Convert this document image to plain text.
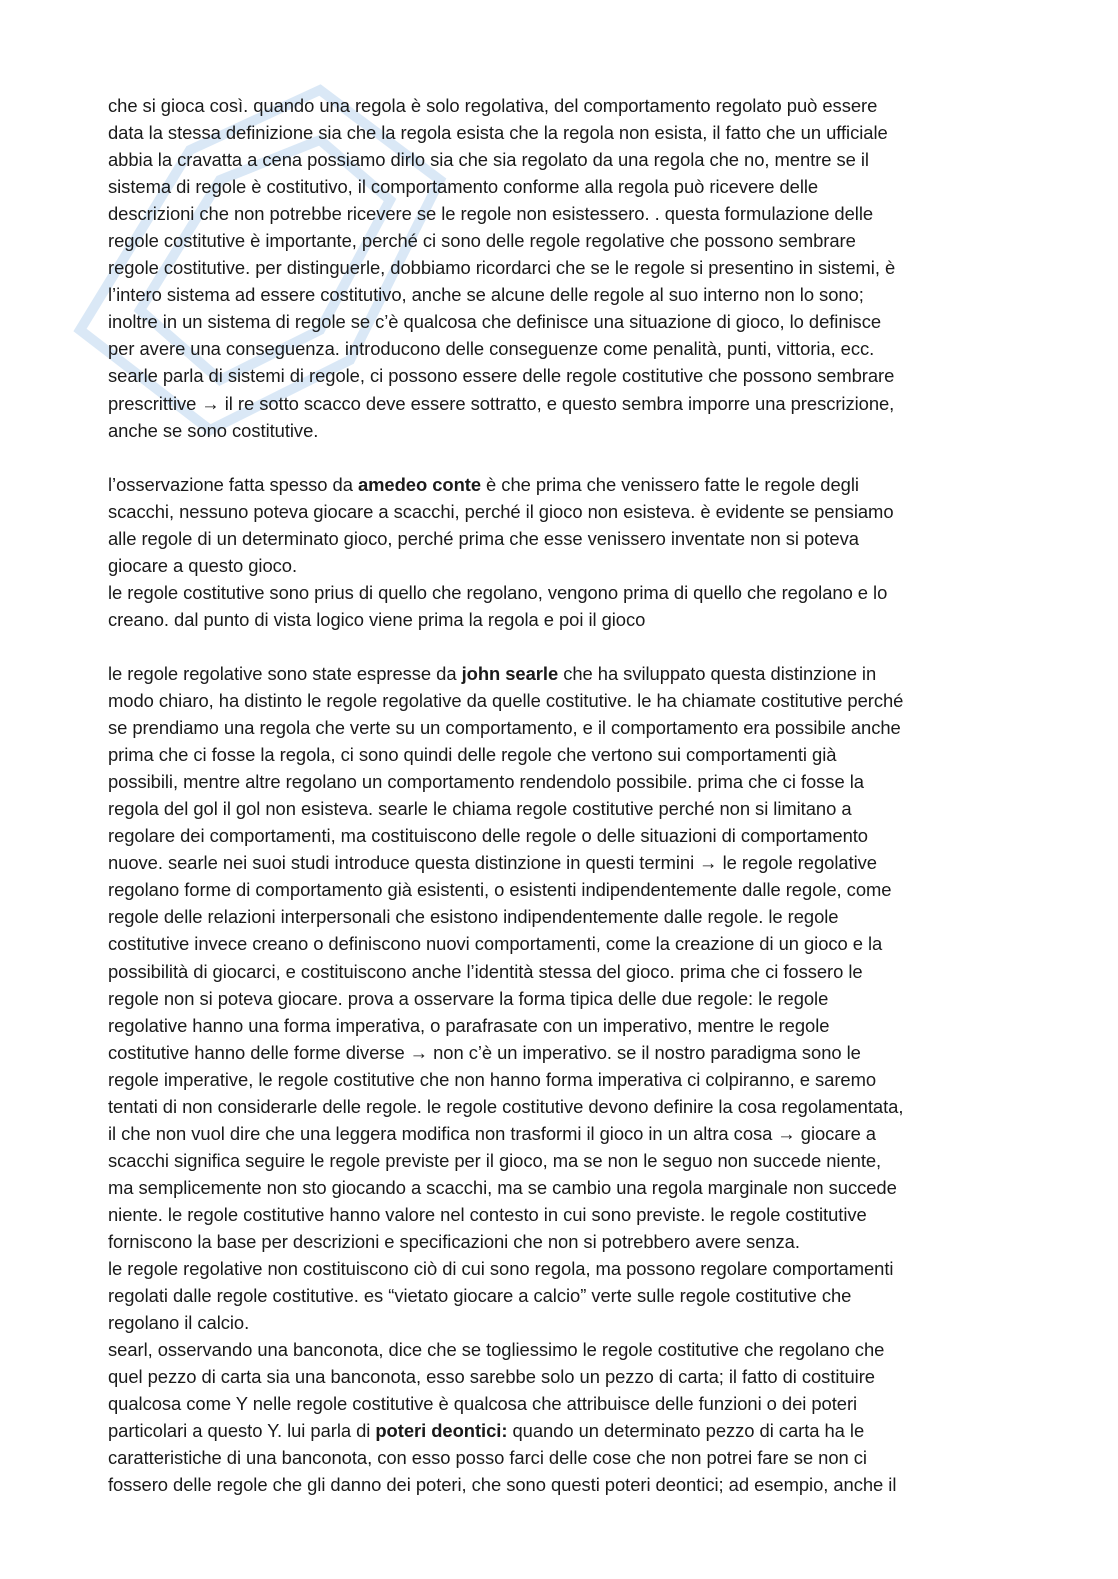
che si gioca così. quando una regola è solo regolativa, del comportamento regolato può essere
data la stessa definizione sia che la regola esista che la regola non esista, il fatto che un ufficiale
abbia la cravatta a cena possiamo dirlo sia che sia regolato da una regola che no, mentre se il
sistema di regole è costitutivo, il comportamento conforme alla regola può ricevere delle
descrizioni che non potrebbe ricevere se le regole non esistessero. . questa formulazione delle
regole costitutive è importante, perché ci sono delle regole regolative che possono sembrare
regole costitutive. per distinguerle, dobbiamo ricordarci che se le regole si presentino in sistemi, è
l’intero sistema ad essere costitutivo, anche se alcune delle regole al suo interno non lo sono;
inoltre in un sistema di regole se c’è qualcosa che definisce una situazione di gioco, lo definisce
per avere una conseguenza. introducono delle conseguenze come penalità, punti, vittoria, ecc.
searle parla di sistemi di regole, ci possono essere delle regole costitutive che possono sembrare
prescrittive → il re sotto scacco deve essere sottratto, e questo sembra imporre una prescrizione,
anche se sono costitutive.
l’osservazione fatta spesso da amedeo conte è che prima che venissero fatte le regole degli
scacchi, nessuno poteva giocare a scacchi, perché il gioco non esisteva. è evidente se pensiamo
alle regole di un determinato gioco, perché prima che esse venissero inventate non si poteva
giocare a questo gioco.
le regole costitutive sono prius di quello che regolano, vengono prima di quello che regolano e lo
creano. dal punto di vista logico viene prima la regola e poi il gioco
le regole regolative sono state espresse da john searle che ha sviluppato questa distinzione in
modo chiaro, ha distinto le regole regolative da quelle costitutive. le ha chiamate costitutive perché
se prendiamo una regola che verte su un comportamento, e il comportamento era possibile anche
prima che ci fosse la regola, ci sono quindi delle regole che vertono sui comportamenti già
possibili, mentre altre regolano un comportamento rendendolo possibile. prima che ci fosse la
regola del gol il gol non esisteva. searle le chiama regole costitutive perché non si limitano a
regolare dei comportamenti, ma costituiscono delle regole o delle situazioni di comportamento
nuove. searle nei suoi studi introduce questa distinzione in questi termini → le regole regolative
regolano forme di comportamento già esistenti, o esistenti indipendentemente dalle regole, come
regole delle relazioni interpersonali che esistono indipendentemente dalle regole. le regole
costitutive invece creano o definiscono nuovi comportamenti, come la creazione di un gioco e la
possibilità di giocarci, e costituiscono anche l’identità stessa del gioco. prima che ci fossero le
regole non si poteva giocare. prova a osservare la forma tipica delle due regole: le regole
regolative hanno una forma imperativa, o parafrasate con un imperativo, mentre le regole
costitutive hanno delle forme diverse → non c’è un imperativo. se il nostro paradigma sono le
regole imperative, le regole costitutive che non hanno forma imperativa ci colpiranno, e saremo
tentati di non considerarle delle regole. le regole costitutive devono definire la cosa regolamentata,
il che non vuol dire che una leggera modifica non trasformi il gioco in un altra cosa → giocare a
scacchi significa seguire le regole previste per il gioco, ma se non le seguo non succede niente,
ma semplicemente non sto giocando a scacchi, ma se cambio una regola marginale non succede
niente. le regole costitutive hanno valore nel contesto in cui sono previste. le regole costitutive
forniscono la base per descrizioni e specificazioni che non si potrebbero avere senza.
le regole regolative non costituiscono ciò di cui sono regola, ma possono regolare comportamenti
regolati dalle regole costitutive. es “vietato giocare a calcio” verte sulle regole costitutive che
regolano il calcio.
searl, osservando una banconota, dice che se togliessimo le regole costitutive che regolano che
quel pezzo di carta sia una banconota, esso sarebbe solo un pezzo di carta; il fatto di costituire
qualcosa come Y nelle regole costitutive è qualcosa che attribuisce delle funzioni o dei poteri
particolari a questo Y. lui parla di poteri deontici: quando un determinato pezzo di carta ha le
caratteristiche di una banconota, con esso posso farci delle cose che non potrei fare se non ci
fossero delle regole che gli danno dei poteri, che sono questi poteri deontici; ad esempio, anche il
